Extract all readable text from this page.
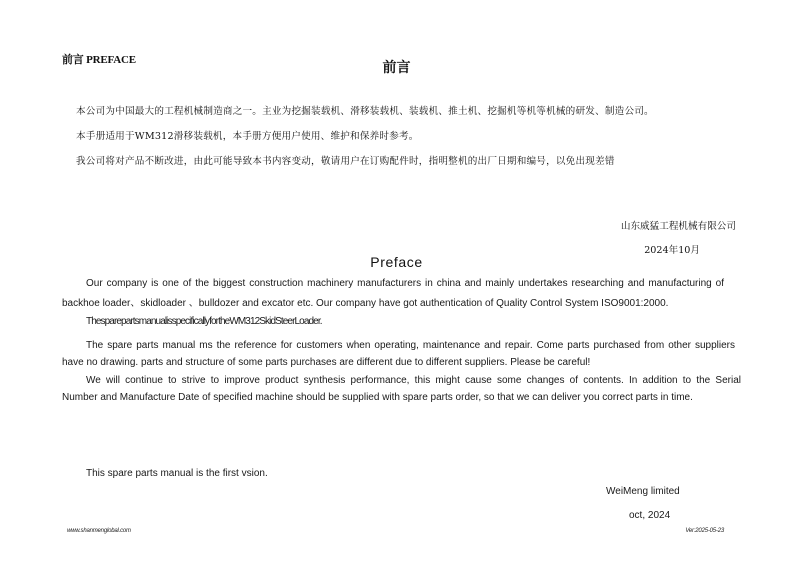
前言 PREFACE
前言
本公司为中国最大的工程机械制造商之一。主业为挖掘装载机、滑移装载机、装载机、推土机、挖掘机等机等机械的研发、制造公司。
本手册适用于WM312滑移装载机，本手册方便用户使用、维护和保养时参考。
我公司将对产品不断改进，由此可能导致本书内容变动，敬请用户在订购配件时，指明整机的出厂日期和编号，以免出现差错
山东威猛工程机械有限公司
2024年10月
Preface
Our company is one of the biggest construction machinery manufacturers in china and mainly undertakes researching and manufacturing of
backhoe loader、skidloader 、bulldozer and excator etc. Our company have got authentication of Quality Control System ISO9001:2000.
ThesparepartsmanualisspecificallyfortheWM312SkidSteerLoader.
The spare parts manual ms the reference for customers when operating, maintenance and repair. Come parts purchased from other suppliers
have no drawing. parts and structure of some parts purchases are different due to different suppliers. Please be careful!
We will continue to strive to improve product synthesis performance, this might cause some changes of contents. In addition to the Serial
Number and Manufacture Date of specified machine should be supplied with spare parts order, so that we can deliver you correct parts in time.
This spare parts manual is the first vsion.
WeiMeng limited
oct, 2024
www.shanmenglobal.com	Ver:2025-05-23
